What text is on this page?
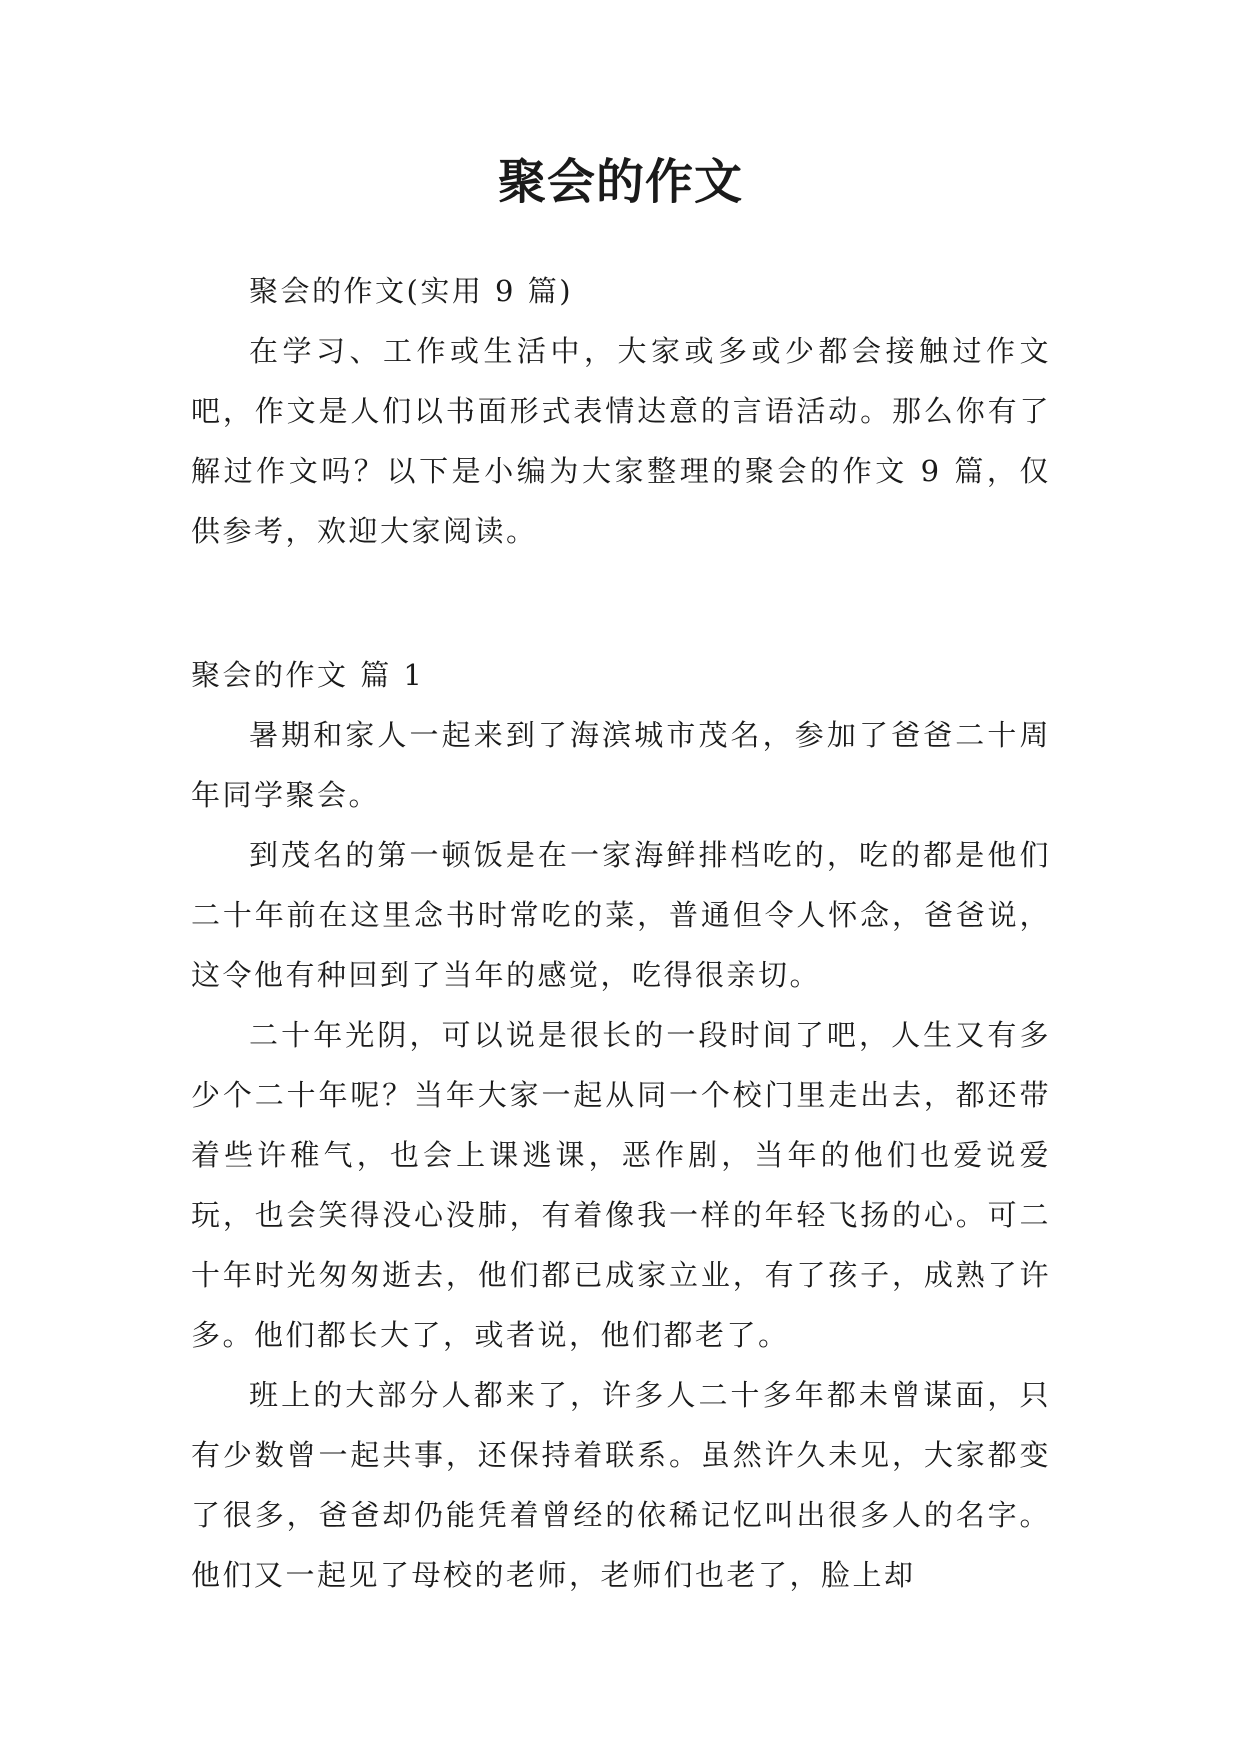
聚会的作文

聚会的作文(实用 9 篇)

在学习、工作或生活中，大家或多或少都会接触过作文吧，作文是人们以书面形式表情达意的言语活动。那么你有了解过作文吗？以下是小编为大家整理的聚会的作文 9 篇，仅供参考，欢迎大家阅读。

聚会的作文 篇 1

暑期和家人一起来到了海滨城市茂名，参加了爸爸二十周年同学聚会。

到茂名的第一顿饭是在一家海鲜排档吃的，吃的都是他们二十年前在这里念书时常吃的菜，普通但令人怀念，爸爸说，这令他有种回到了当年的感觉，吃得很亲切。

二十年光阴，可以说是很长的一段时间了吧，人生又有多少个二十年呢？当年大家一起从同一个校门里走出去，都还带着些许稚气，也会上课逃课，恶作剧，当年的他们也爱说爱玩，也会笑得没心没肺，有着像我一样的年轻飞扬的心。可二十年时光匆匆逝去，他们都已成家立业，有了孩子，成熟了许多。他们都长大了，或者说，他们都老了。

班上的大部分人都来了，许多人二十多年都未曾谋面，只有少数曾一起共事，还保持着联系。虽然许久未见，大家都变了很多，爸爸却仍能凭着曾经的依稀记忆叫出很多人的名字。他们又一起见了母校的老师，老师们也老了，脸上却
